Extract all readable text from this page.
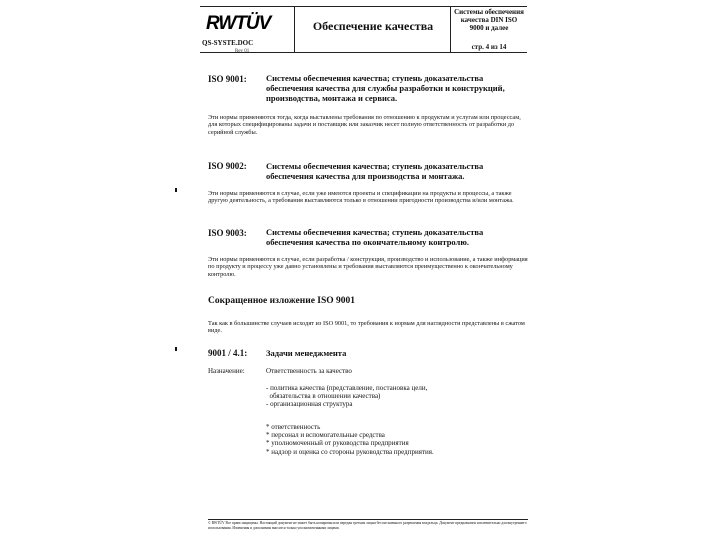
RWTÜV
QS-SYSTE.DOC
Rev 01
Обеспечение качества
Системы обеспечения
качества DIN ISO
9000 и далее
стр. 4 из 14
ISO 9001: Системы обеспечения качества; ступень доказательства обеспечения качества для службы разработки и конструкций, производства, монтажа и сервиса.
Эти нормы применяются тогда, когда выставлены требования по отношению к продуктам и услугам или процессам, для которых специфицированы задачи и поставщик или заказчик несет полную ответственность от разработки до серийной службы.
ISO 9002: Системы обеспечения качества; ступень доказательства обеспечения качества для производства и монтажа.
Эти нормы применяются в случае, если уже имеются проекты и спецификации на продукты и процессы, а также другую деятельность, а требования выставляются только в отношении пригодности производства и/или монтажа.
ISO 9003: Системы обеспечения качества; ступень доказательства обеспечения качества по окончательному контролю.
Эти нормы применяются в случае, если разработка / конструкция, производство и использование, а также информация по продукту и процессу уже давно установлены и требования выставляются преимущественно к окончательному контролю.
Сокращенное изложение ISO 9001
Так как в большинстве случаев исходят из ISO 9001, то требования к нормам для наглядности представлены в сжатом виде.
9001 / 4.1: Задачи менеджмента
Назначение:	Ответственность за качество
- политика качества (представление, постановка цели,
обязательства в отношении качества)
- организационная структура
* ответственность
* персонал и вспомогательные средства
* уполномоченный от руководства предприятия
* надзор и оценка со стороны руководства предприятия.
© RWTÜV Все права защищены. Настоящий документ не может быть копирован или передан третьим лицам без письменного разрешения владельца. Документ предназначен исключительно для внутреннего использования. Изменения и дополнения вносятся только уполномоченными лицами.
